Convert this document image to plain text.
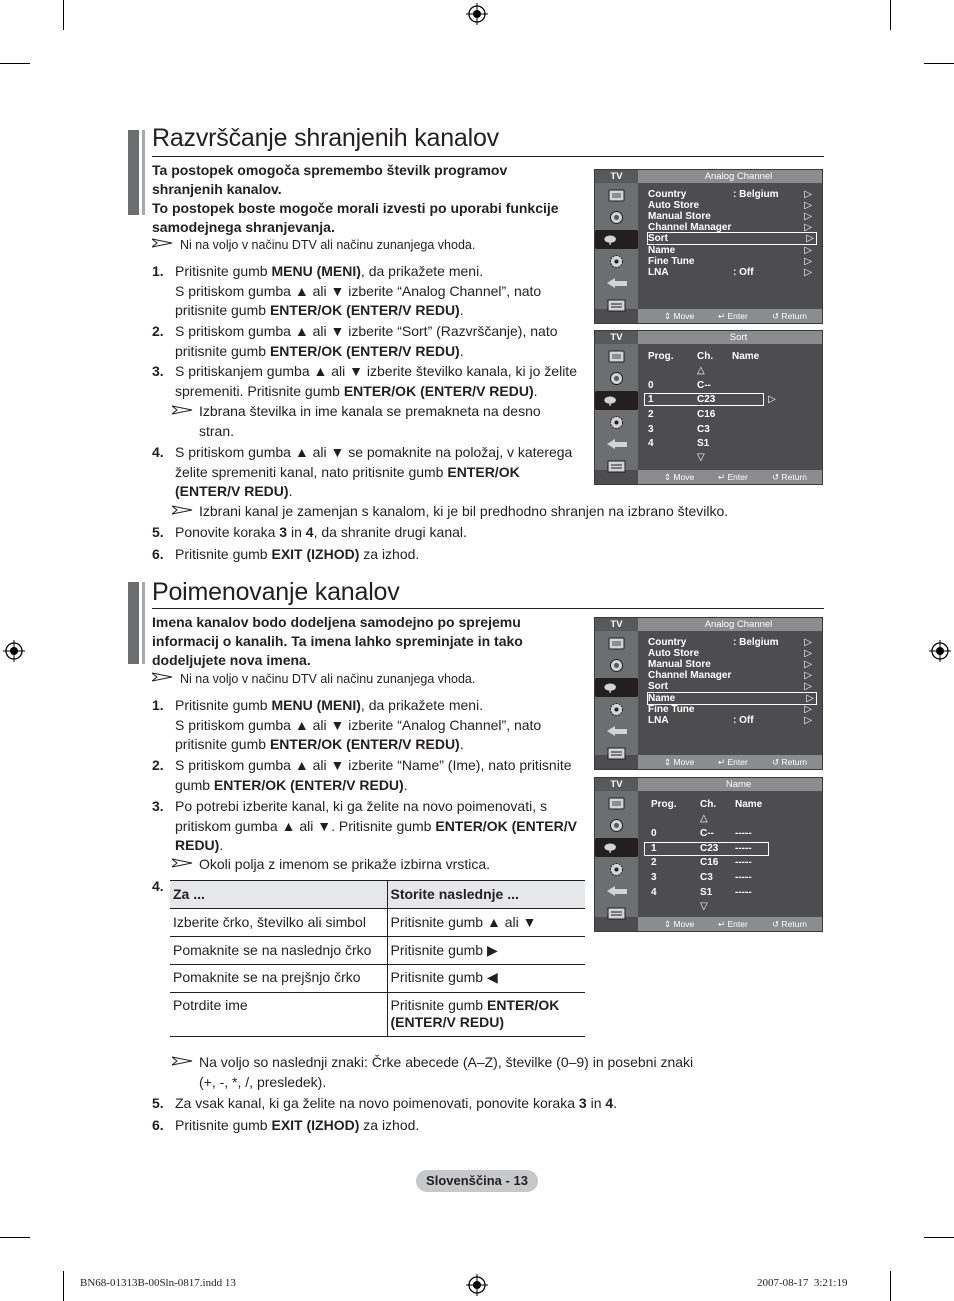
Razvrščanje shranjenih kanalov
Ta postopek omogoča spremembo številk programov
shranjenih kanalov.
To postopek boste mogoče morali izvesti po uporabi funkcije
samodejnega shranjevanja.
Ni na voljo v načinu DTV ali načinu zunanjega vhoda.
1. Pritisnite gumb MENU (MENI), da prikažete meni.
S pritiskom gumba ▲ ali ▼ izberite “Analog Channel”, nato
pritisnite gumb ENTER/OK (ENTER/V REDU).
2. S pritiskom gumba ▲ ali ▼ izberite “Sort” (Razvrščanje), nato
pritisnite gumb ENTER/OK (ENTER/V REDU).
3. S pritiskanjem gumba ▲ ali ▼ izberite številko kanala, ki jo želite
spremeniti. Pritisnite gumb ENTER/OK (ENTER/V REDU).
Izbrana številka in ime kanala se premakneta na desno
stran.
4. S pritiskom gumba ▲ ali ▼ se pomaknite na položaj, v katerega
želite spremeniti kanal, nato pritisnite gumb ENTER/OK
(ENTER/V REDU).
Izbrani kanal je zamenjan s kanalom, ki je bil predhodno shranjen na izbrano številko.
5. Ponovite koraka 3 in 4, da shranite drugi kanal.
6. Pritisnite gumb EXIT (IZHOD) za izhod.
TV	Analog Channel
Country	: Belgium	▷
Auto Store	▷
Manual Store	▷
Channel Manager	▷
Sort	▷
Name	▷
Fine Tune	▷
LNA	: Off	▷
⇕ Move	↵ Enter	↺ Return
TV	Sort
Prog. Ch. Name
△
0	C--
▷
1	C23
2	C16
3	C3
4	S1
▽
⇕ Move	↵ Enter	↺ Return
Poimenovanje kanalov
Imena kanalov bodo dodeljena samodejno po sprejemu
informacij o kanalih. Ta imena lahko spreminjate in tako
dodeljujete nova imena.
Ni na voljo v načinu DTV ali načinu zunanjega vhoda.
1. Pritisnite gumb MENU (MENI), da prikažete meni.
S pritiskom gumba ▲ ali ▼ izberite “Analog Channel”, nato
pritisnite gumb ENTER/OK (ENTER/V REDU).
2. S pritiskom gumba ▲ ali ▼ izberite “Name” (Ime), nato pritisnite
gumb ENTER/OK (ENTER/V REDU).
3. Po potrebi izberite kanal, ki ga želite na novo poimenovati, s
pritiskom gumba ▲ ali ▼. Pritisnite gumb ENTER/OK (ENTER/V
REDU).
Okoli polja z imenom se prikaže izbirna vrstica.
4. Za ...	Storite naslednje ...
Izberite črko, številko ali simbol	Pritisnite gumb ▲ ali ▼
Pomaknite se na naslednjo črko	Pritisnite gumb ▶
Pomaknite se na prejšnjo črko	Pritisnite gumb ◀
Potrdite ime	Pritisnite gumb ENTER/OK
(ENTER/V REDU)
Na voljo so naslednji znaki: Črke abecede (A–Z), številke (0–9) in posebni znaki
(+, -, *, /, presledek).
5. Za vsak kanal, ki ga želite na novo poimenovati, ponovite koraka 3 in 4.
6. Pritisnite gumb EXIT (IZHOD) za izhod.
TV	Analog Channel
Country	: Belgium	▷
Auto Store	▷
Manual Store	▷
Channel Manager	▷
Sort	▷
Name	▷
Fine Tune	▷
LNA	: Off	▷
⇕ Move	↵ Enter	↺ Return
TV	Name
Prog. Ch. Name
△
0	C-- -----
1	C23 -----
2	C16 -----
3	C3 -----
4	S1 -----
▽
⇕ Move	↵ Enter	↺ Return
Slovenščina - 13
BN68-01313B-00Sln-0817.indd 13	2007-08-17 ︎︎ 3:21:19
